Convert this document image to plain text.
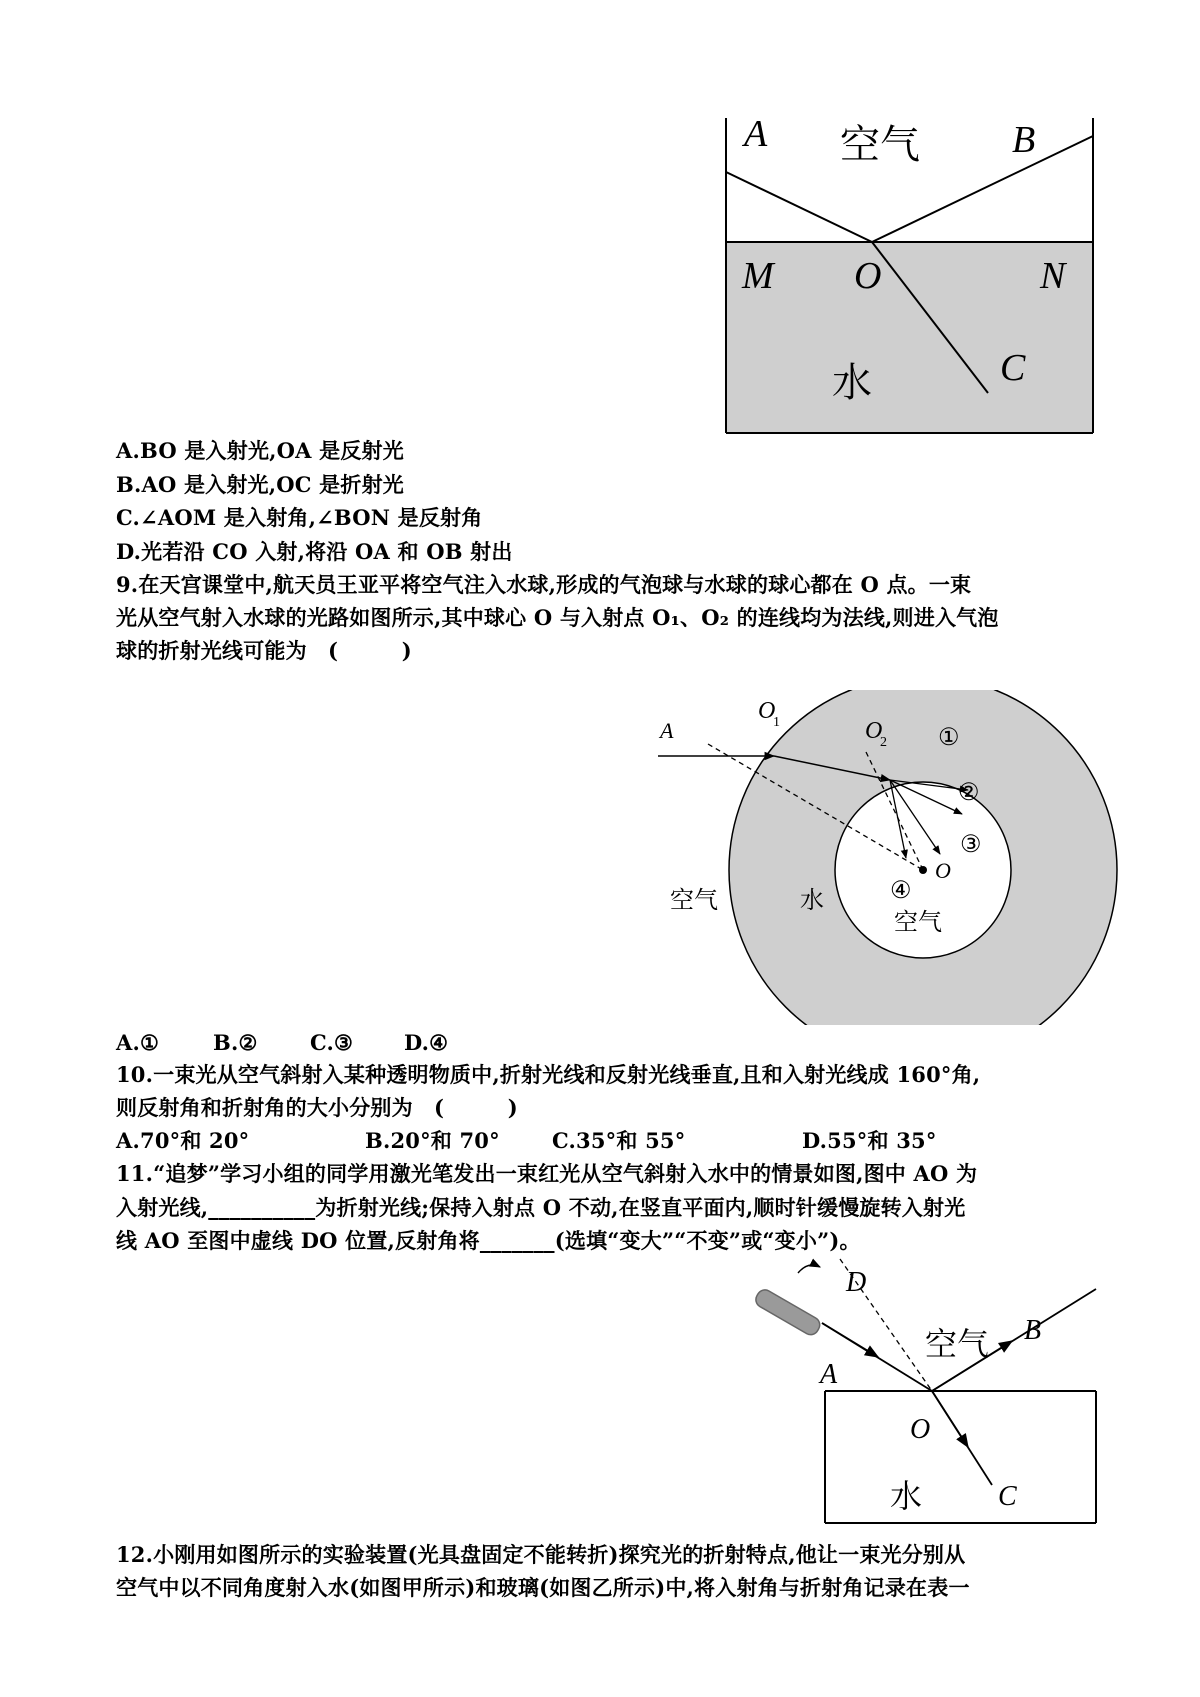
A 空气 B
M O	N
C
水
A.BO 是入射光,OA 是反射光
B.AO 是入射光,OC 是折射光
C.∠AOM 是入射角,∠BON 是反射角
D.光若沿 CO 入射,将沿 OA 和 OB 射出
9.在天宫课堂中,航天员王亚平将空气注入水球,形成的气泡球与水球的球心都在 O 点。一束
光从空气射入水球的光路如图所示,其中球心 O 与入射点 O₁、O₂ 的连线均为法线,则进入气泡
球的折射光线可能为　(　　　)
A
O
1	O
2
O
①
②
③
④
空气	水
空气
A.①	B.②	C.③ D.④
10.一束光从空气斜射入某种透明物质中,折射光线和反射光线垂直,且和入射光线成 160°角,
则反射角和折射角的大小分别为　(　　　)
A.70°和 20°	B.20°和 70° C.35°和 55°	D.55°和 35°
11.“追梦”学习小组的同学用激光笔发出一束红光从空气斜射入水中的情景如图,图中 AO 为
入射光线,__________为折射光线;保持入射点 O 不动,在竖直平面内,顺时针缓慢旋转入射光
线 AO 至图中虚线 DO 位置,反射角将_______(选填“变大”“不变”或“变小”)。
D
空气 B
A
O
水	C
12.小刚用如图所示的实验装置(光具盘固定不能转折)探究光的折射特点,他让一束光分别从
空气中以不同角度射入水(如图甲所示)和玻璃(如图乙所示)中,将入射角与折射角记录在表一
